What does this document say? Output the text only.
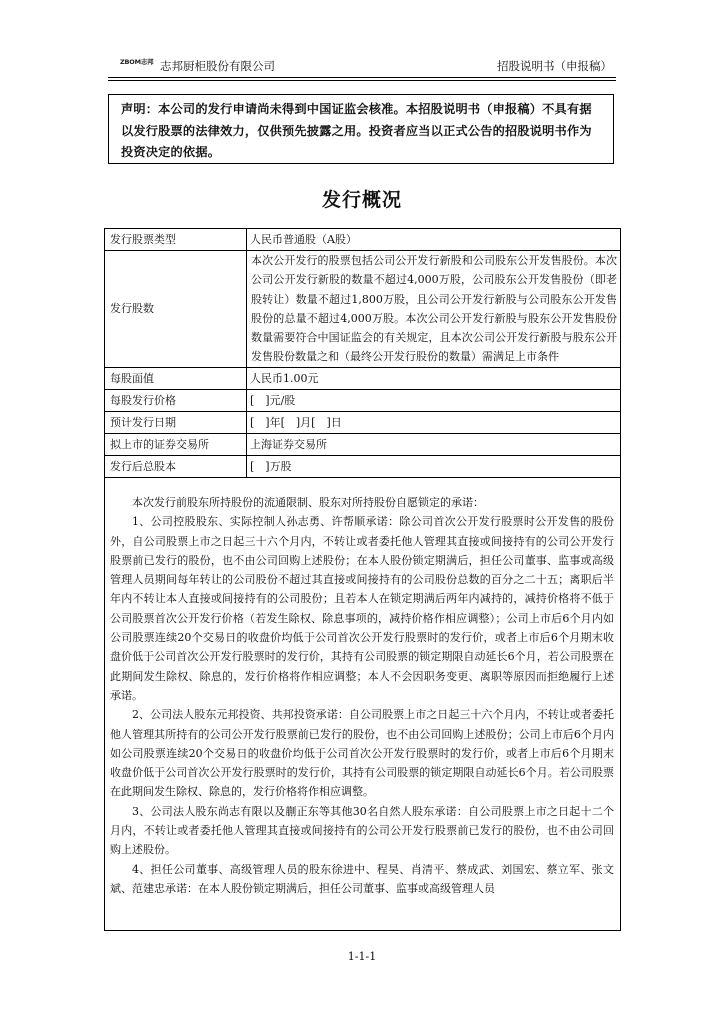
ZBOM志邦 志邦厨柜股份有限公司	招股说明书（申报稿）
声明：本公司的发行申请尚未得到中国证监会核准。本招股说明书（申报稿）不具有据以发行股票的法律效力，仅供预先披露之用。投资者应当以正式公告的招股说明书作为投资决定的依据。
发行概况
发行股票类型	人民币普通股（A股）
发行股数	本次公开发行的股票包括公司公开发行新股和公司股东公开发售股份。本次公司公开发行新股的数量不超过4,000万股，公司股东公开发售股份（即老股转让）数量不超过1,800万股，且公司公开发行新股与公司股东公开发售股份的总量不超过4,000万股。本次公司公开发行新股与股东公开发售股份数量需要符合中国证监会的有关规定，且本次公司公开发行新股与股东公开发售股份数量之和（最终公开发行股份的数量）需满足上市条件
每股面值	人民币1.00元
每股发行价格	[　]元/股
预计发行日期	[　]年[　]月[　]日
拟上市的证券交易所	上海证券交易所
发行后总股本	[　]万股

本次发行前股东所持股份的流通限制、股东对所持股份自愿锁定的承诺：

1、公司控股股东、实际控制人孙志勇、许帮顺承诺：除公司首次公开发行股票时公开发售的股份外，自公司股票上市之日起三十六个月内，不转让或者委托他人管理其直接或间接持有的公司公开发行股票前已发行的股份，也不由公司回购上述股份；在本人股份锁定期满后，担任公司董事、监事或高级管理人员期间每年转让的公司股份不超过其直接或间接持有的公司股份总数的百分之二十五；离职后半年内不转让本人直接或间接持有的公司股份；且若本人在锁定期满后两年内减持的，减持价格将不低于公司股票首次公开发行价格（若发生除权、除息事项的，减持价格作相应调整）；公司上市后6个月内如公司股票连续20个交易日的收盘价均低于公司首次公开发行股票时的发行价，或者上市后6个月期末收盘价低于公司首次公开发行股票时的发行价，其持有公司股票的锁定期限自动延长6个月，若公司股票在此期间发生除权、除息的，发行价格将作相应调整；本人不会因职务变更、离职等原因而拒绝履行上述承诺。

2、公司法人股东元邦投资、共邦投资承诺：自公司股票上市之日起三十六个月内，不转让或者委托他人管理其所持有的公司公开发行股票前已发行的股份，也不由公司回购上述股份；公司上市后6个月内如公司股票连续20个交易日的收盘价均低于公司首次公开发行股票时的发行价，或者上市后6个月期末收盘价低于公司首次公开发行股票时的发行价，其持有公司股票的锁定期限自动延长6个月。若公司股票在此期间发生除权、除息的，发行价格将作相应调整。

3、公司法人股东尚志有限以及蒯正东等其他30名自然人股东承诺：自公司股票上市之日起十二个月内，不转让或者委托他人管理其直接或间接持有的公司公开发行股票前已发行的股份，也不由公司回购上述股份。

4、担任公司董事、高级管理人员的股东徐进中、程昊、肖清平、蔡成武、刘国宏、蔡立军、张文斌、范建忠承诺：在本人股份锁定期满后，担任公司董事、监事或高级管理人员

1-1-1
